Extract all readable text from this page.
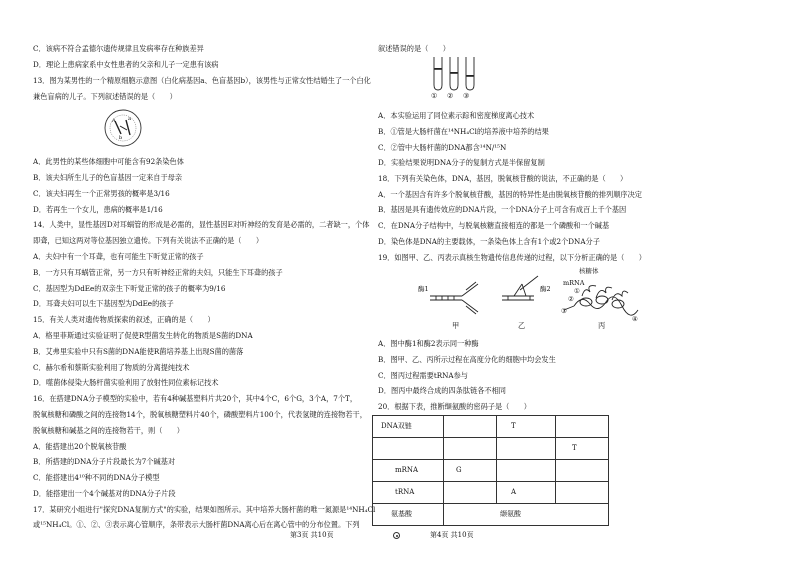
C．该病不符合孟德尔遗传规律且发病率存在种族差异
D．理论上患病家系中女性患者的父亲和儿子一定患有该病
13．图为某男性的一个精原细胞示意图（白化病基因a、色盲基因b），该男性与正常女性结婚生了一个白化
兼色盲病的儿子。下列叙述错误的是（　　）
A a
b
A．此男性的某些体细胞中可能含有92条染色体
B．该夫妇所生儿子的色盲基因一定来自于母亲
C．该夫妇再生一个正常男孩的概率是3/16
D．若再生一个女儿，患病的概率是1/16
14．人类中，显性基因D对耳蜗管的形成是必需的，显性基因E对听神经的发育是必需的，二者缺一，个体
即聋，已知这两对等位基因独立遗传。下列有关说法不正确的是（　　）
A．夫妇中有一个耳聋，也有可能生下听觉正常的孩子
B．一方只有耳蜗管正常，另一方只有听神经正常的夫妇，只能生下耳聋的孩子
C．基因型为DdEe的双亲生下听觉正常的孩子的概率为9/16
D．耳聋夫妇可以生下基因型为DdEe的孩子
15．有关人类对遗传物质探索的叙述，正确的是（　　）
A．格里菲斯通过实验证明了促使R型菌发生转化的物质是S菌的DNA
B．艾弗里实验中只有S菌的DNA能使R菌培养基上出现S菌的菌落
C．赫尔希和蔡斯实验利用了物质的分离提纯技术
D．噬菌体侵染大肠杆菌实验利用了放射性同位素标记技术
16．在搭建DNA分子模型的实验中，若有4种碱基塑料片共20个，其中4个C，6个G，3个A，7个T，
脱氧核糖和磷酸之间的连接物14个，脱氧核糖塑料片40个，磷酸塑料片100个，代表氢键的连接物若干，
脱氧核糖和碱基之间的连接物若干，则（　　）
A．能搭建出20个脱氧核苷酸
B．所搭建的DNA分子片段最长为7个碱基对
C．能搭建出4¹⁰种不同的DNA分子模型
D．能搭建出一个4个碱基对的DNA分子片段
17．某研究小组进行"探究DNA复制方式"的实验，结果如图所示。其中培养大肠杆菌的唯一氮源是¹⁴NH₄Cl
或¹⁵NH₄Cl。①、②、③表示离心管顺序，条带表示大肠杆菌DNA离心后在离心管中的分布位置。下列
叙述错误的是（　　）
① ② ③
A．本实验运用了同位素示踪和密度梯度离心技术
B．①管是大肠杆菌在¹⁴NH₄Cl的培养液中培养的结果
C．②管中大肠杆菌的DNA都含¹⁴N/¹⁵N
D．实验结果说明DNA分子的复制方式是半保留复制
18．下列有关染色体，DNA，基因，脱氧核苷酸的说法，不正确的是（　　）
A．一个基因含有许多个脱氧核苷酸，基因的特异性是由脱氧核苷酸的排列顺序决定
B．基因是具有遗传效应的DNA片段，一个DNA分子上可含有成百上千个基因
C．在DNA分子结构中，与脱氧核糖直接相连的都是一个磷酸和一个碱基
D．染色体是DNA的主要载体，一条染色体上含有1个或2个DNA分子
19．如图甲、乙、丙表示真核生物遗传信息传递的过程，以下分析正确的是（　　）
酶1	酶2
核糖体
mRNA
①
②
③
④
甲	乙	丙
A．图中酶1和酶2表示同一种酶
B．图甲、乙、丙所示过程在高度分化的细胞中均会发生
C．图丙过程需要tRNA参与
D．图丙中最终合成的四条肽链各不相同
20．根据下表，推断缬氨酸的密码子是（　　）
DNA双链		T	
			T
mRNA	G		
tRNA		A	
氨基酸	缬氨酸		
第3页 共10页	第4页 共10页
